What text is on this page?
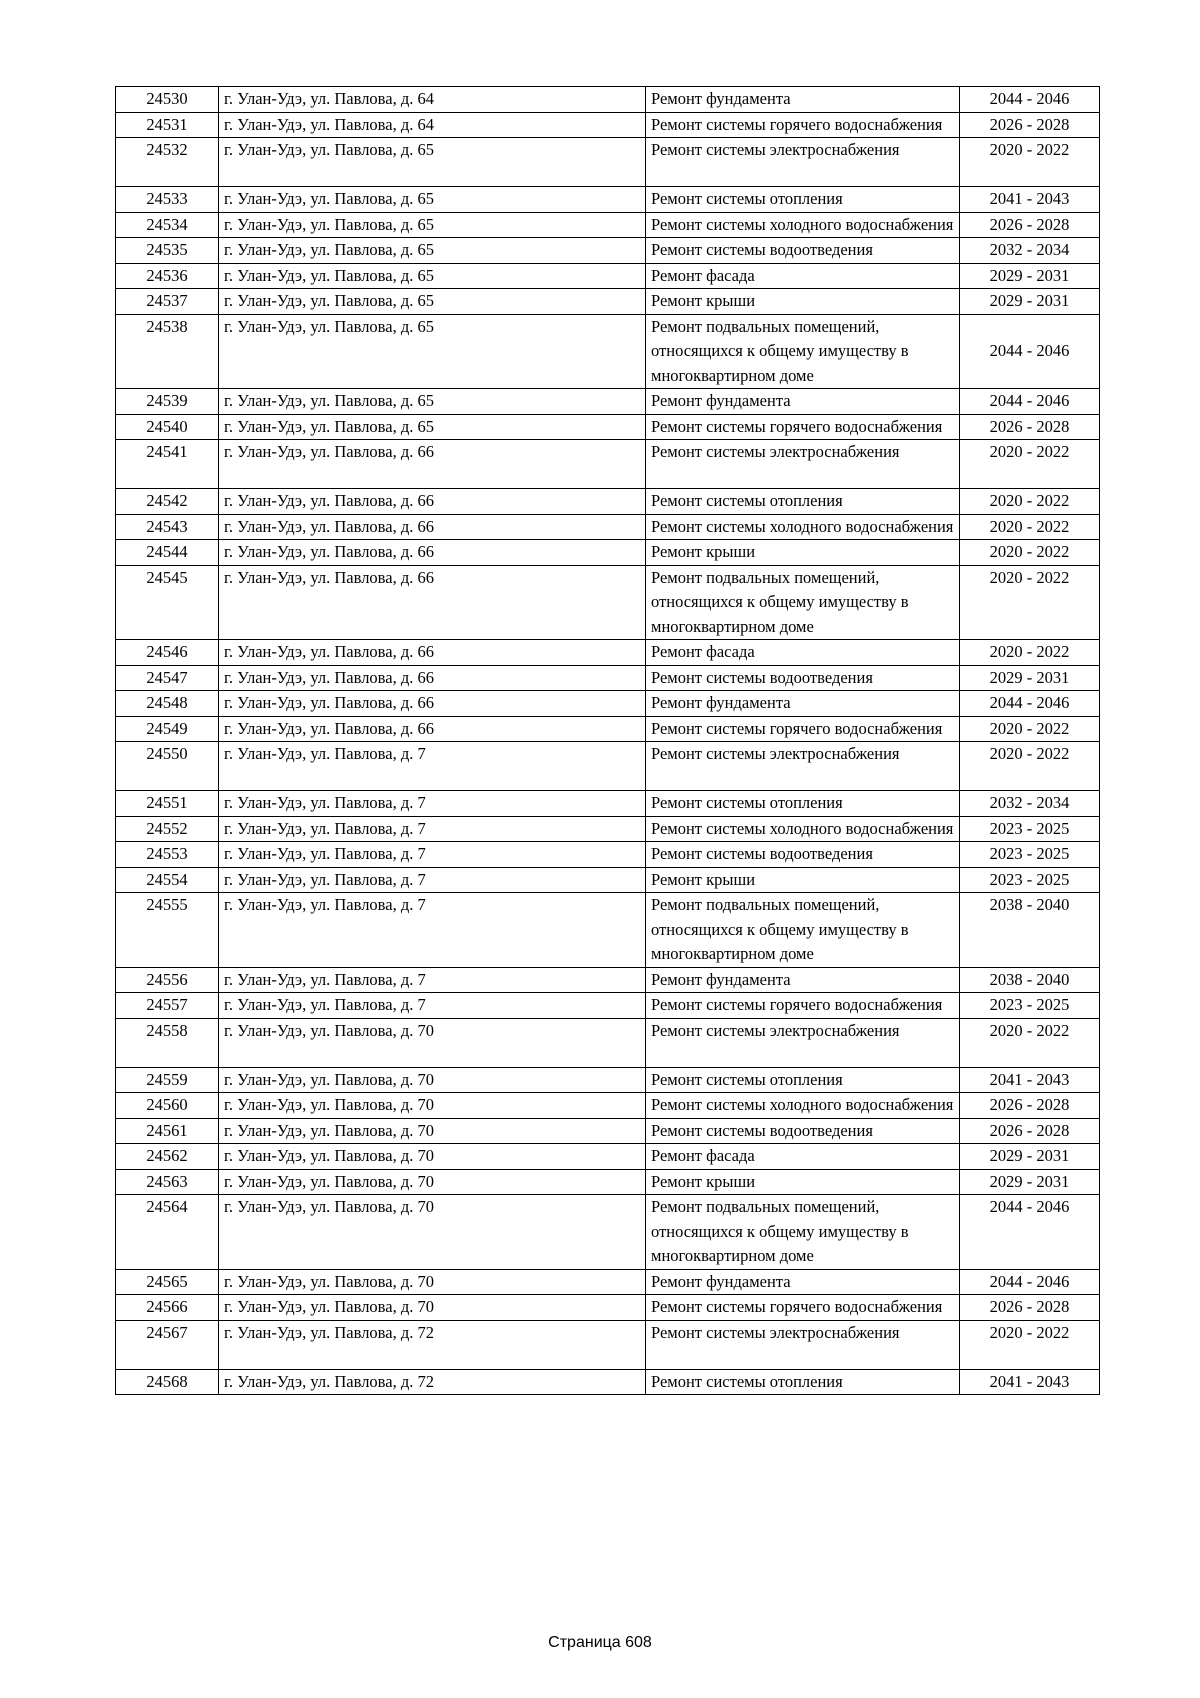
24530	г. Улан-Удэ, ул. Павлова, д. 64	Ремонт фундамента	2044 - 2046
24531	г. Улан-Удэ, ул. Павлова, д. 64	Ремонт системы горячего водоснабжения	2026 - 2028
24532	г. Улан-Удэ, ул. Павлова, д. 65	Ремонт системы электроснабжения	2020 - 2022
24533	г. Улан-Удэ, ул. Павлова, д. 65	Ремонт системы отопления	2041 - 2043
24534	г. Улан-Удэ, ул. Павлова, д. 65	Ремонт системы холодного водоснабжения	2026 - 2028
24535	г. Улан-Удэ, ул. Павлова, д. 65	Ремонт системы водоотведения	2032 - 2034
24536	г. Улан-Удэ, ул. Павлова, д. 65	Ремонт фасада	2029 - 2031
24537	г. Улан-Удэ, ул. Павлова, д. 65	Ремонт крыши	2029 - 2031
24538	г. Улан-Удэ, ул. Павлова, д. 65	Ремонт подвальных помещений, относящихся к общему имуществу в многоквартирном доме	2044 - 2046
24539	г. Улан-Удэ, ул. Павлова, д. 65	Ремонт фундамента	2044 - 2046
24540	г. Улан-Удэ, ул. Павлова, д. 65	Ремонт системы горячего водоснабжения	2026 - 2028
24541	г. Улан-Удэ, ул. Павлова, д. 66	Ремонт системы электроснабжения	2020 - 2022
24542	г. Улан-Удэ, ул. Павлова, д. 66	Ремонт системы отопления	2020 - 2022
24543	г. Улан-Удэ, ул. Павлова, д. 66	Ремонт системы холодного водоснабжения	2020 - 2022
24544	г. Улан-Удэ, ул. Павлова, д. 66	Ремонт крыши	2020 - 2022
24545	г. Улан-Удэ, ул. Павлова, д. 66	Ремонт подвальных помещений, относящихся к общему имуществу в многоквартирном доме	2020 - 2022
24546	г. Улан-Удэ, ул. Павлова, д. 66	Ремонт фасада	2020 - 2022
24547	г. Улан-Удэ, ул. Павлова, д. 66	Ремонт системы водоотведения	2029 - 2031
24548	г. Улан-Удэ, ул. Павлова, д. 66	Ремонт фундамента	2044 - 2046
24549	г. Улан-Удэ, ул. Павлова, д. 66	Ремонт системы горячего водоснабжения	2020 - 2022
24550	г. Улан-Удэ, ул. Павлова, д. 7	Ремонт системы электроснабжения	2020 - 2022
24551	г. Улан-Удэ, ул. Павлова, д. 7	Ремонт системы отопления	2032 - 2034
24552	г. Улан-Удэ, ул. Павлова, д. 7	Ремонт системы холодного водоснабжения	2023 - 2025
24553	г. Улан-Удэ, ул. Павлова, д. 7	Ремонт системы водоотведения	2023 - 2025
24554	г. Улан-Удэ, ул. Павлова, д. 7	Ремонт крыши	2023 - 2025
24555	г. Улан-Удэ, ул. Павлова, д. 7	Ремонт подвальных помещений, относящихся к общему имуществу в многоквартирном доме	2038 - 2040
24556	г. Улан-Удэ, ул. Павлова, д. 7	Ремонт фундамента	2038 - 2040
24557	г. Улан-Удэ, ул. Павлова, д. 7	Ремонт системы горячего водоснабжения	2023 - 2025
24558	г. Улан-Удэ, ул. Павлова, д. 70	Ремонт системы электроснабжения	2020 - 2022
24559	г. Улан-Удэ, ул. Павлова, д. 70	Ремонт системы отопления	2041 - 2043
24560	г. Улан-Удэ, ул. Павлова, д. 70	Ремонт системы холодного водоснабжения	2026 - 2028
24561	г. Улан-Удэ, ул. Павлова, д. 70	Ремонт системы водоотведения	2026 - 2028
24562	г. Улан-Удэ, ул. Павлова, д. 70	Ремонт фасада	2029 - 2031
24563	г. Улан-Удэ, ул. Павлова, д. 70	Ремонт крыши	2029 - 2031
24564	г. Улан-Удэ, ул. Павлова, д. 70	Ремонт подвальных помещений, относящихся к общему имуществу в многоквартирном доме	2044 - 2046
24565	г. Улан-Удэ, ул. Павлова, д. 70	Ремонт фундамента	2044 - 2046
24566	г. Улан-Удэ, ул. Павлова, д. 70	Ремонт системы горячего водоснабжения	2026 - 2028
24567	г. Улан-Удэ, ул. Павлова, д. 72	Ремонт системы электроснабжения	2020 - 2022
24568	г. Улан-Удэ, ул. Павлова, д. 72	Ремонт системы отопления	2041 - 2043
Страница 608
